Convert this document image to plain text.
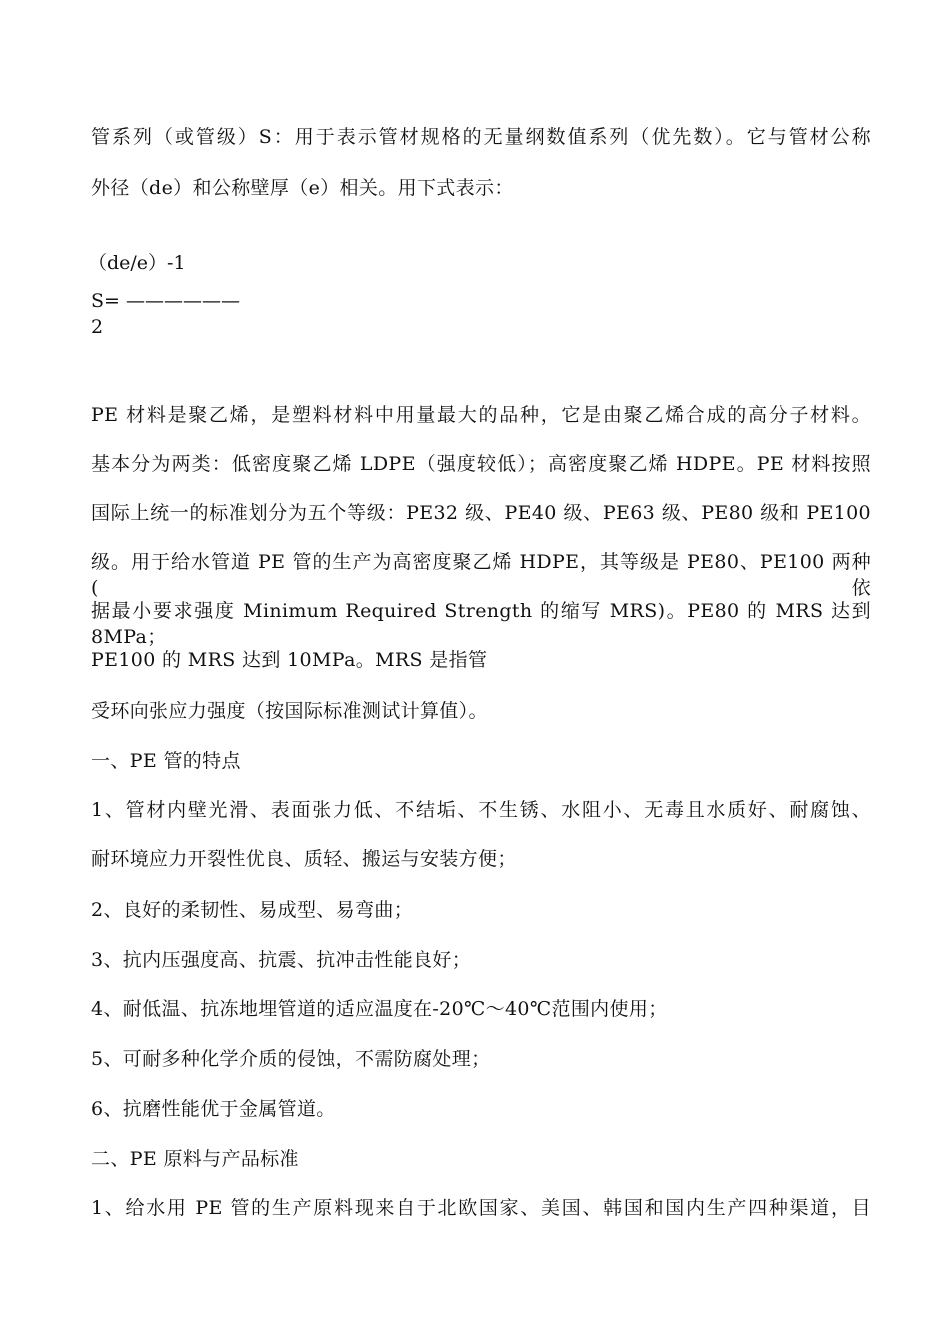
管系列（或管级）S：用于表示管材规格的无量纲数值系列（优先数）。它与管材公称
外径（de）和公称壁厚（e）相关。用下式表示：
（de/e）-1
S= ——————
2
PE 材料是聚乙烯，是塑料材料中用量最大的品种，它是由聚乙烯合成的高分子材料。
基本分为两类：低密度聚乙烯 LDPE（强度较低）；高密度聚乙烯 HDPE。PE 材料按照
国际上统一的标准划分为五个等级：PE32 级、PE40 级、PE63 级、PE80 级和 PE100
级。用于给水管道 PE 管的生产为高密度聚乙烯 HDPE，其等级是 PE80、PE100 两种(依
据最小要求强度 Minimum Required Strength 的缩写 MRS)。PE80 的 MRS 达到 8MPa；
PE100 的 MRS 达到 10MPa。MRS 是指管
受环向张应力强度（按国际标准测试计算值）。
一、PE 管的特点
1、管材内壁光滑、表面张力低、不结垢、不生锈、水阻小、无毒且水质好、耐腐蚀、
耐环境应力开裂性优良、质轻、搬运与安装方便；
2、良好的柔韧性、易成型、易弯曲；
3、抗内压强度高、抗震、抗冲击性能良好；
4、耐低温、抗冻地埋管道的适应温度在-20℃～40℃范围内使用；
5、可耐多种化学介质的侵蚀，不需防腐处理；
6、抗磨性能优于金属管道。
二、PE 原料与产品标准
1、给水用 PE 管的生产原料现来自于北欧国家、美国、韩国和国内生产四种渠道，目
